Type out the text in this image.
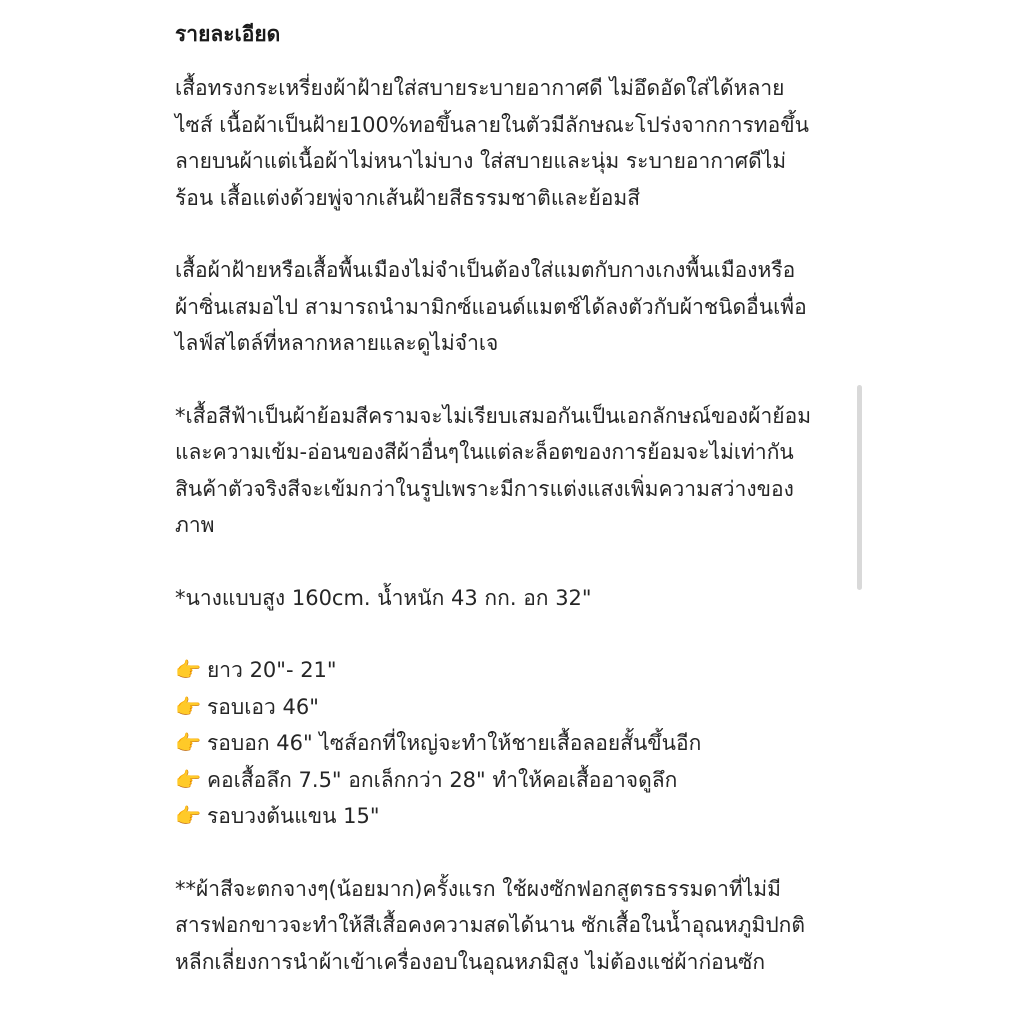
รายละเอียด
เสื้อทรงกระเหรี่ยงผ้าฝ้ายใส่สบายระบายอากาศดี ไม่อึดอัดใส่ได้หลาย
ไซส์ เนื้อผ้าเป็นฝ้าย100%ทอขึ้นลายในตัวมีลักษณะโปร่งจากการทอขึ้น
ลายบนผ้าแต่เนื้อผ้าไม่หนาไม่บาง ใส่สบายและนุ่ม ระบายอากาศดีไม่
ร้อน เสื้อแต่งด้วยพู่จากเส้นฝ้ายสีธรรมชาติและย้อมสี
เสื้อผ้าฝ้ายหรือเสื้อพื้นเมืองไม่จำเป็นต้องใส่แมตกับกางเกงพื้นเมืองหรือ
ผ้าซิ่นเสมอไป สามารถนำมามิกซ์แอนด์แมตช์ได้ลงตัวกับผ้าชนิดอื่นเพื่อ
ไลฟ์สไตล์ที่หลากหลายและดูไม่จำเจ
*เสื้อสีฟ้าเป็นผ้าย้อมสีครามจะไม่เรียบเสมอกันเป็นเอกลักษณ์ของผ้าย้อม
และความเข้ม-อ่อนของสีผ้าอื่นๆในแต่ละล็อตของการย้อมจะไม่เท่ากัน
สินค้าตัวจริงสีจะเข้มกว่าในรูปเพราะมีการแต่งแสงเพิ่มความสว่างของ
ภาพ
*นางแบบสูง 160cm. น้ำหนัก 43 กก. อก 32"
👉 ยาว 20"- 21"
👉 รอบเอว 46"
👉 รอบอก 46" ไซส์อกที่ใหญ่จะทำให้ชายเสื้อลอยสั้นขึ้นอีก
👉 คอเสื้อลึก 7.5" อกเล็กกว่า 28" ทำให้คอเสื้ออาจดูลึก
👉 รอบวงต้นแขน 15"
**ผ้าสีจะตกจางๆ(น้อยมาก)ครั้งแรก ใช้ผงซักฟอกสูตรธรรมดาที่ไม่มี
สารฟอกขาวจะทำให้สีเสื้อคงความสดได้นาน ซักเสื้อในน้ำอุณหภูมิปกติ
หลีกเลี่ยงการนำผ้าเข้าเครื่องอบในอุณหภมิสูง ไม่ต้องแช่ผ้าก่อนซัก
